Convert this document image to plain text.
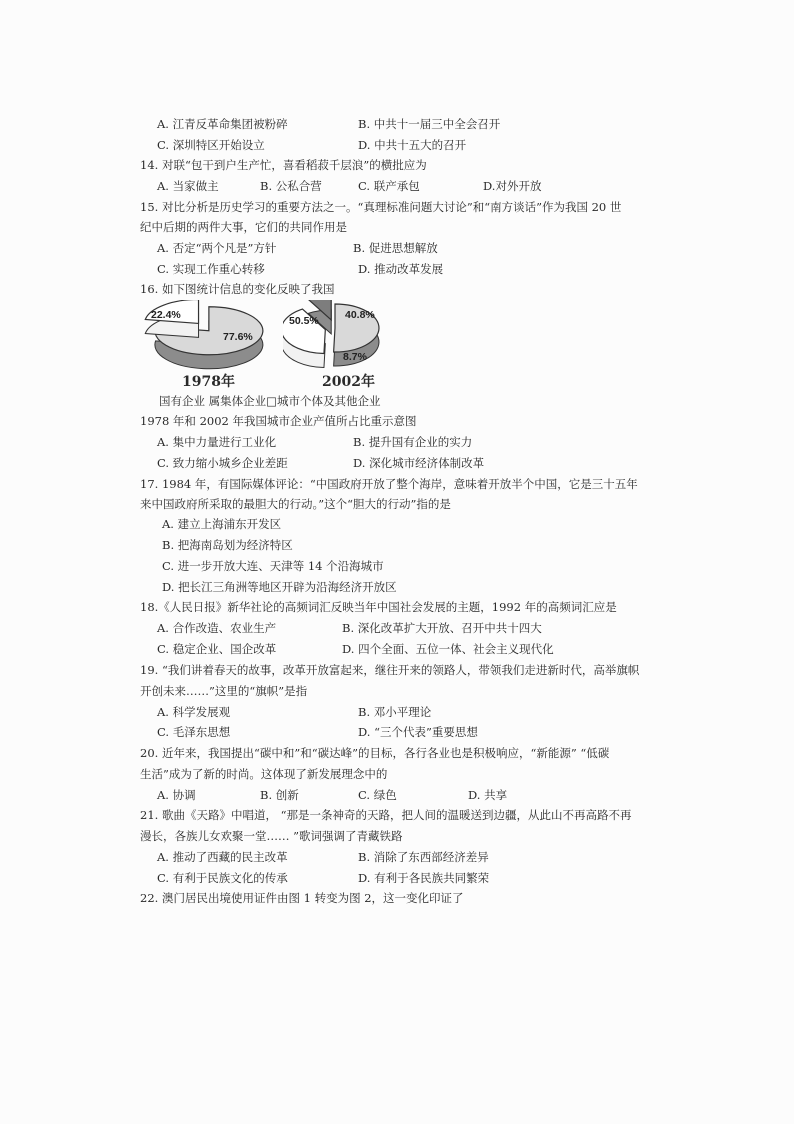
A. 江青反革命集团被粉碎	B. 中共十一届三中全会召开
C. 深圳特区开始设立	D. 中共十五大的召开
14. 对联“包干到户生产忙，喜看稻菽千层浪”的横批应为
A. 当家做主	B. 公私合营	C. 联产承包	D.对外开放
15. 对比分析是历史学习的重要方法之一。“真理标准问题大讨论”和“南方谈话”作为我国 20 世
纪中后期的两件大事，它们的共同作用是
A. 否定“两个凡是”方针	B. 促进思想解放
C. 实现工作重心转移	D. 推动改革发展
16. 如下图统计信息的变化反映了我国
77.6%
22.4%	50.5% 40.8%
8.7%
1978年	2002年
国有企业 属集体企业□城市个体及其他企业
1978 年和 2002 年我国城市企业产值所占比重示意图
A. 集中力量进行工业化	B. 提升国有企业的实力
C. 致力缩小城乡企业差距	D. 深化城市经济体制改革
17. 1984 年，有国际媒体评论：“中国政府开放了整个海岸，意味着开放半个中国，它是三十五年
来中国政府所采取的最胆大的行动。”这个“胆大的行动”指的是
A. 建立上海浦东开发区
B. 把海南岛划为经济特区
C. 进一步开放大连、天津等 14 个沿海城市
D. 把长江三角洲等地区开辟为沿海经济开放区
18.《人民日报》新华社论的高频词汇反映当年中国社会发展的主题，1992 年的高频词汇应是
A. 合作改造、农业生产	B. 深化改革扩大开放、召开中共十四大
C. 稳定企业、国企改革	D. 四个全面、五位一体、社会主义现代化
19. “我们讲着春天的故事，改革开放富起来，继往开来的领路人，带领我们走进新时代，高举旗帜
开创未来……”这里的“旗帜”是指
A. 科学发展观	B. 邓小平理论
C. 毛泽东思想	D. “三个代表”重要思想
20. 近年来，我国提出“碳中和”和“碳达峰”的目标，各行各业也是积极响应，“新能源” “低碳
生活”成为了新的时尚。这体现了新发展理念中的
A. 协调	B. 创新	C. 绿色	D. 共享
21. 歌曲《天路》中唱道， “那是一条神奇的天路，把人间的温暖送到边疆，从此山不再高路不再
漫长，各族儿女欢聚一堂…… ”歌词强调了青藏铁路
A. 推动了西藏的民主改革	B. 消除了东西部经济差异
C. 有利于民族文化的传承	D. 有利于各民族共同繁荣
22. 澳门居民出境使用证件由图 1 转变为图 2，这一变化印证了
